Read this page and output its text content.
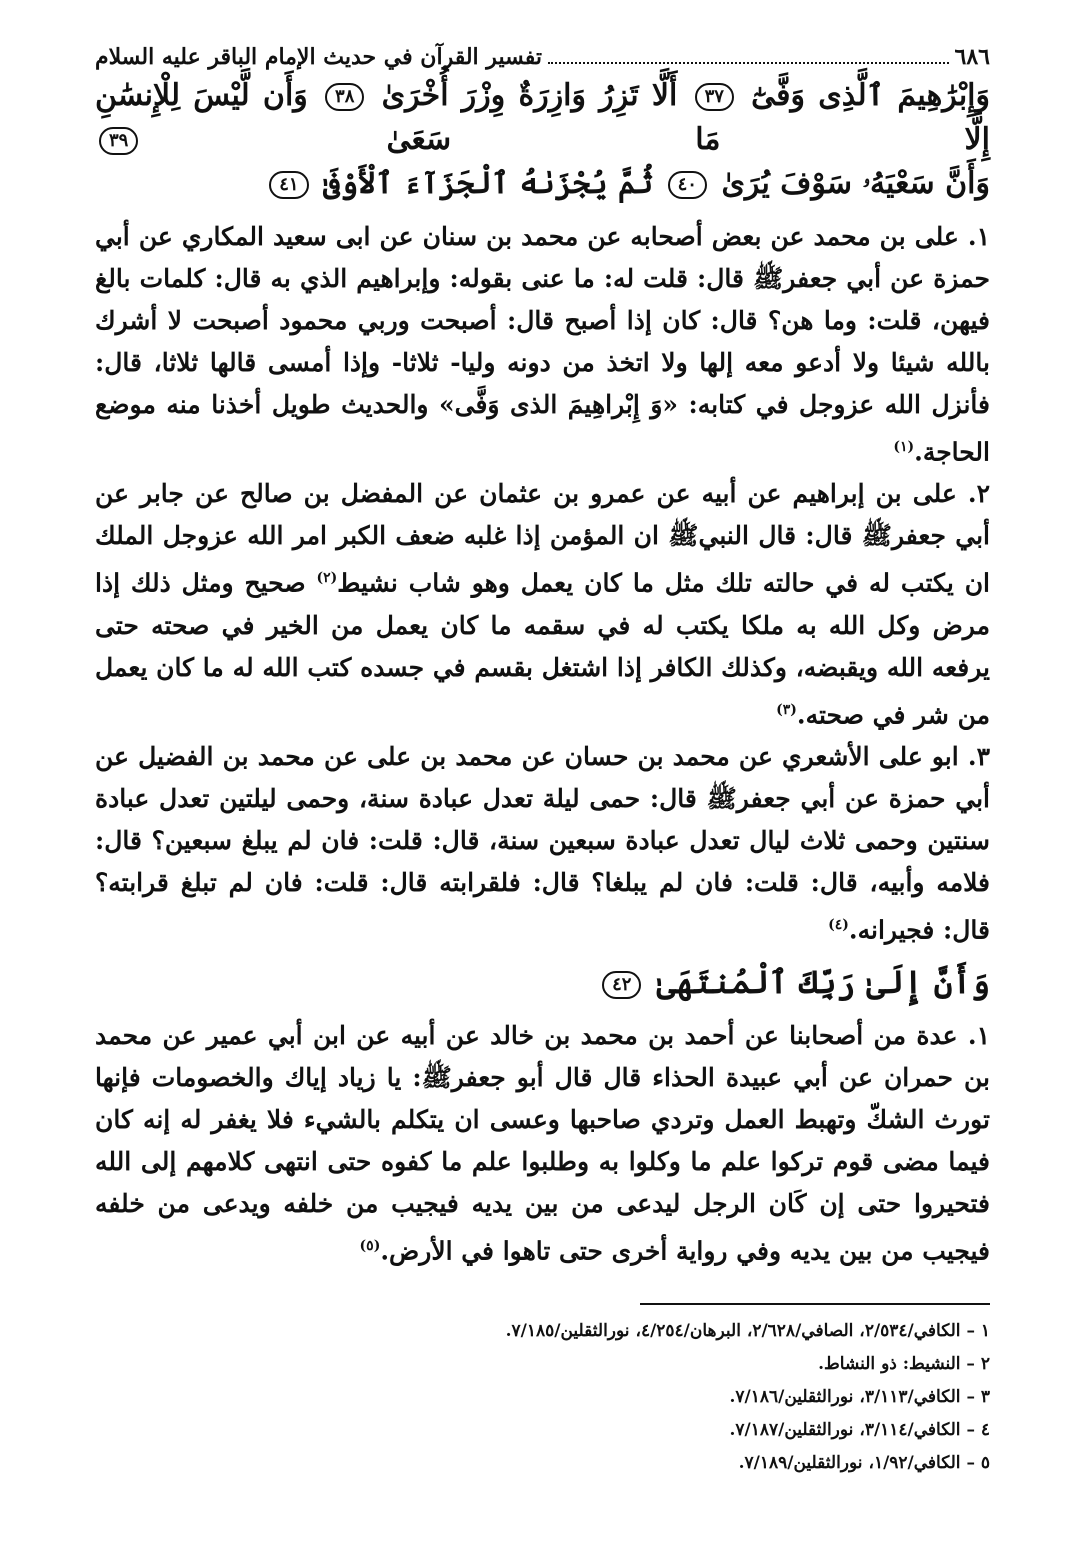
٦٨٦
تفسير القرآن في حديث الإمام الباقر عليه السلام
وَإِبْرَٰهِيمَ ٱلَّذِى وَفَّىٰٓ ٣٧ أَلَّا تَزِرُ وَازِرَةٌ وِزْرَ أُخْرَىٰ ٣٨ وَأَن لَّيْسَ لِلْإِنسَٰنِ إِلَّا مَا سَعَىٰ ٣٩
وَأَنَّ سَعْيَهُۥ سَوْفَ يُرَىٰ ٤٠ ثُمَّ يُجْزَىٰهُ ٱلْجَزَآءَ ٱلْأَوْفَىٰ ٤١

١. على بن محمد عن بعض أصحابه عن محمد بن سنان عن ابى سعيد المكاري عن أبي حمزة عن أبي جعفرﷺ قال: قلت له: ما عنى بقوله: وإبراهيم الذي به قال: كلمات بالغ فيهن، قلت: وما هن؟ قال: كان إذا أصبح قال: أصبحت وربي محمود أصبحت لا أشرك بالله شيئا ولا أدعو معه إلها ولا اتخذ من دونه وليا- ثلاثا- وإذا أمسى قالها ثلاثا، قال: فأنزل الله عزوجل في كتابه: «وَ إِبْراهِيمَ الذى وَفَّى» والحديث طويل أخذنا منه موضع الحاجة.$^{(١)}$

٢. على بن إبراهيم عن أبيه عن عمرو بن عثمان عن المفضل بن صالح عن جابر عن أبي جعفرﷺ قال: قال النبيﷺ ان المؤمن إذا غلبه ضعف الكبر امر الله عزوجل الملك ان يكتب له في حالته تلك مثل ما كان يعمل وهو شاب نشيط$^{(٢)}$ صحيح ومثل ذلك إذا مرض وكل الله به ملكا يكتب له في سقمه ما كان يعمل من الخير في صحته حتى يرفعه الله ويقبضه، وكذلك الكافر إذا اشتغل بقسم في جسده كتب الله له ما كان يعمل من شر في صحته.$^{(٣)}$

٣. ابو على الأشعري عن محمد بن حسان عن محمد بن على عن محمد بن الفضيل عن أبي حمزة عن أبي جعفرﷺ قال: حمى ليلة تعدل عبادة سنة، وحمى ليلتين تعدل عبادة سنتين وحمى ثلاث ليال تعدل عبادة سبعين سنة، قال: قلت: فان لم يبلغ سبعين؟ قال: فلامه وأبيه، قال: قلت: فان لم يبلغا؟ قال: فلقرابته قال: قلت: فان لم تبلغ قرابته؟ قال: فجيرانه.$^{(٤)}$

وَأَنَّ إِلَىٰ رَبِّكَ ٱلْمُنتَهَىٰ ٤٢

١. عدة من أصحابنا عن أحمد بن محمد بن خالد عن أبيه عن ابن أبي عمير عن محمد بن حمران عن أبي عبيدة الحذاء قال قال أبو جعفرﷺ: يا زياد إياك والخصومات فإنها تورث الشكّ وتهبط العمل وتردي صاحبها وعسى ان يتكلم بالشيء فلا يغفر له إنه كان فيما مضى قوم تركوا علم ما وكلوا به وطلبوا علم ما كفوه حتى انتهى كلامهم إلى الله فتحيروا حتى إن كَان الرجل ليدعى من بين يديه فيجيب من خلفه ويدعى من خلفه فيجيب من بين يديه وفي رواية أخرى حتى تاهوا في الأرض.$^{(٥)}$

١ – الكافي/٢/٥٣٤، الصافي/٢/٦٢٨، البرهان/٤/٢٥٤، نورالثقلين/٧/١٨٥.
٢ – النشيط: ذو النشاط.
٣ – الكافي/٣/١١٣، نورالثقلين/٧/١٨٦.
٤ – الكافي/٣/١١٤، نورالثقلين/٧/١٨٧.
٥ – الكافي/١/٩٢، نورالثقلين/٧/١٨٩.
